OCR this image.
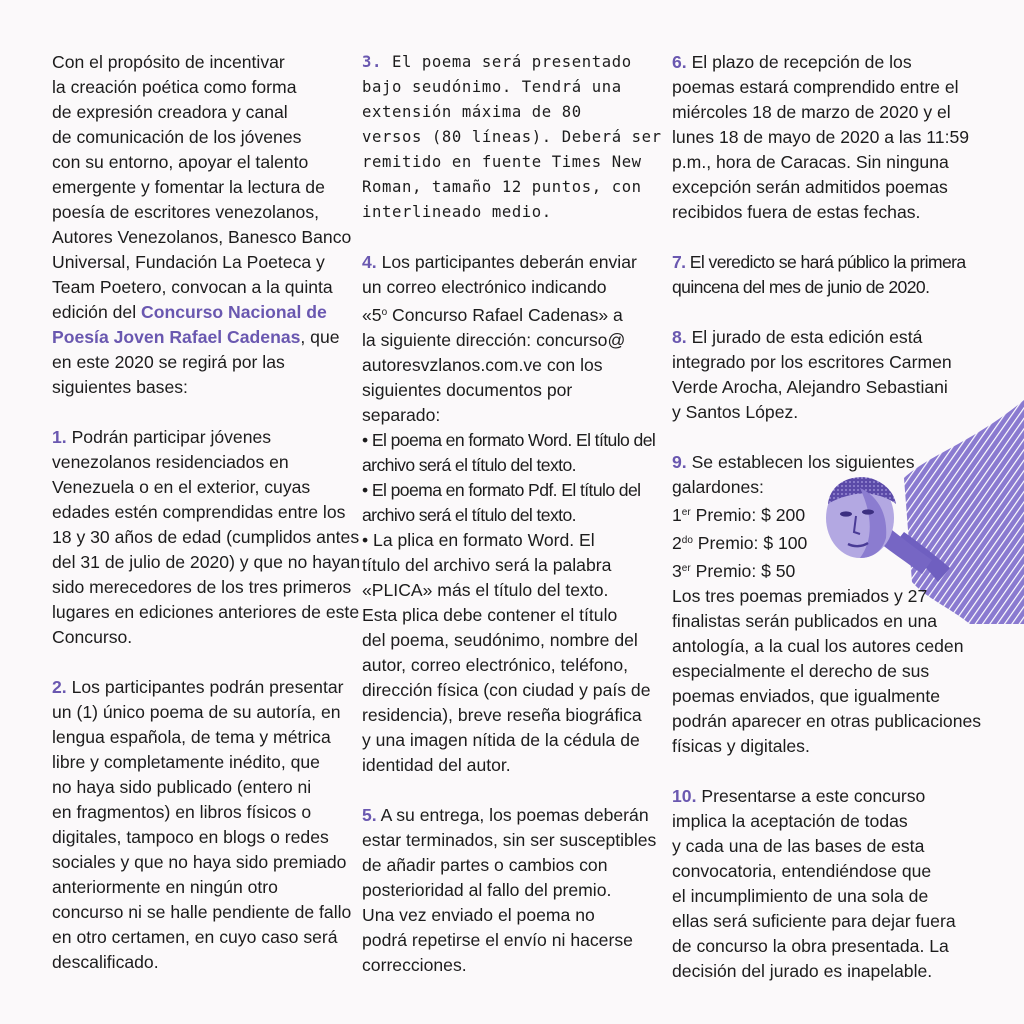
Con el propósito de incentivar
la creación poética como forma
de expresión creadora y canal
de comunicación de los jóvenes
con su entorno, apoyar el talento
emergente y fomentar la lectura de
poesía de escritores venezolanos,
Autores Venezolanos, Banesco Banco
Universal, Fundación La Poeteca y
Team Poetero, convocan a la quinta
edición del Concurso Nacional de
Poesía Joven Rafael Cadenas, que
en este 2020 se regirá por las
siguientes bases:
1. Podrán participar jóvenes
venezolanos residenciados en
Venezuela o en el exterior, cuyas
edades estén comprendidas entre los
18 y 30 años de edad (cumplidos antes
del 31 de julio de 2020) y que no hayan
sido merecedores de los tres primeros
lugares en ediciones anteriores de este
Concurso.
2. Los participantes podrán presentar
un (1) único poema de su autoría, en
lengua española, de tema y métrica
libre y completamente inédito, que
no haya sido publicado (entero ni
en fragmentos) en libros físicos o
digitales, tampoco en blogs o redes
sociales y que no haya sido premiado
anteriormente en ningún otro
concurso ni se halle pendiente de fallo
en otro certamen, en cuyo caso será
descalificado.
3. El poema será presentado
bajo seudónimo. Tendrá una
extensión máxima de 80
versos (80 líneas). Deberá ser
remitido en fuente Times New
Roman, tamaño 12 puntos, con
interlineado medio.
4. Los participantes deberán enviar
un correo electrónico indicando
«5$^o$ Concurso Rafael Cadenas» a
la siguiente dirección: concurso@
autoresvzlanos.com.ve con los
siguientes documentos por
separado:
• El poema en formato Word. El título del
archivo será el título del texto.
• El poema en formato Pdf. El título del
archivo será el título del texto.
• La plica en formato Word. El
título del archivo será la palabra
«PLICA» más el título del texto.
Esta plica debe contener el título
del poema, seudónimo, nombre del
autor, correo electrónico, teléfono,
dirección física (con ciudad y país de
residencia), breve reseña biográfica
y una imagen nítida de la cédula de
identidad del autor.
5. A su entrega, los poemas deberán
estar terminados, sin ser susceptibles
de añadir partes o cambios con
posterioridad al fallo del premio.
Una vez enviado el poema no
podrá repetirse el envío ni hacerse
correcciones.
6. El plazo de recepción de los
poemas estará comprendido entre el
miércoles 18 de marzo de 2020 y el
lunes 18 de mayo de 2020 a las 11:59
p.m., hora de Caracas. Sin ninguna
excepción serán admitidos poemas
recibidos fuera de estas fechas.
7. El veredicto se hará público la primera
quincena del mes de junio de 2020.
8. El jurado de esta edición está
integrado por los escritores Carmen
Verde Arocha, Alejandro Sebastiani
y Santos López.
9. Se establecen los siguientes
galardones:
1er Premio: $ 200
$2^{do}$ Premio: $ 100
3er Premio: $ 50
Los tres poemas premiados y 27
finalistas serán publicados en una
antología, a la cual los autores ceden
especialmente el derecho de sus
poemas enviados, que igualmente
podrán aparecer en otras publicaciones
físicas y digitales.
10. Presentarse a este concurso
implica la aceptación de todas
y cada una de las bases de esta
convocatoria, entendiéndose que
el incumplimiento de una sola de
ellas será suficiente para dejar fuera
de concurso la obra presentada. La
decisión del jurado es inapelable.
